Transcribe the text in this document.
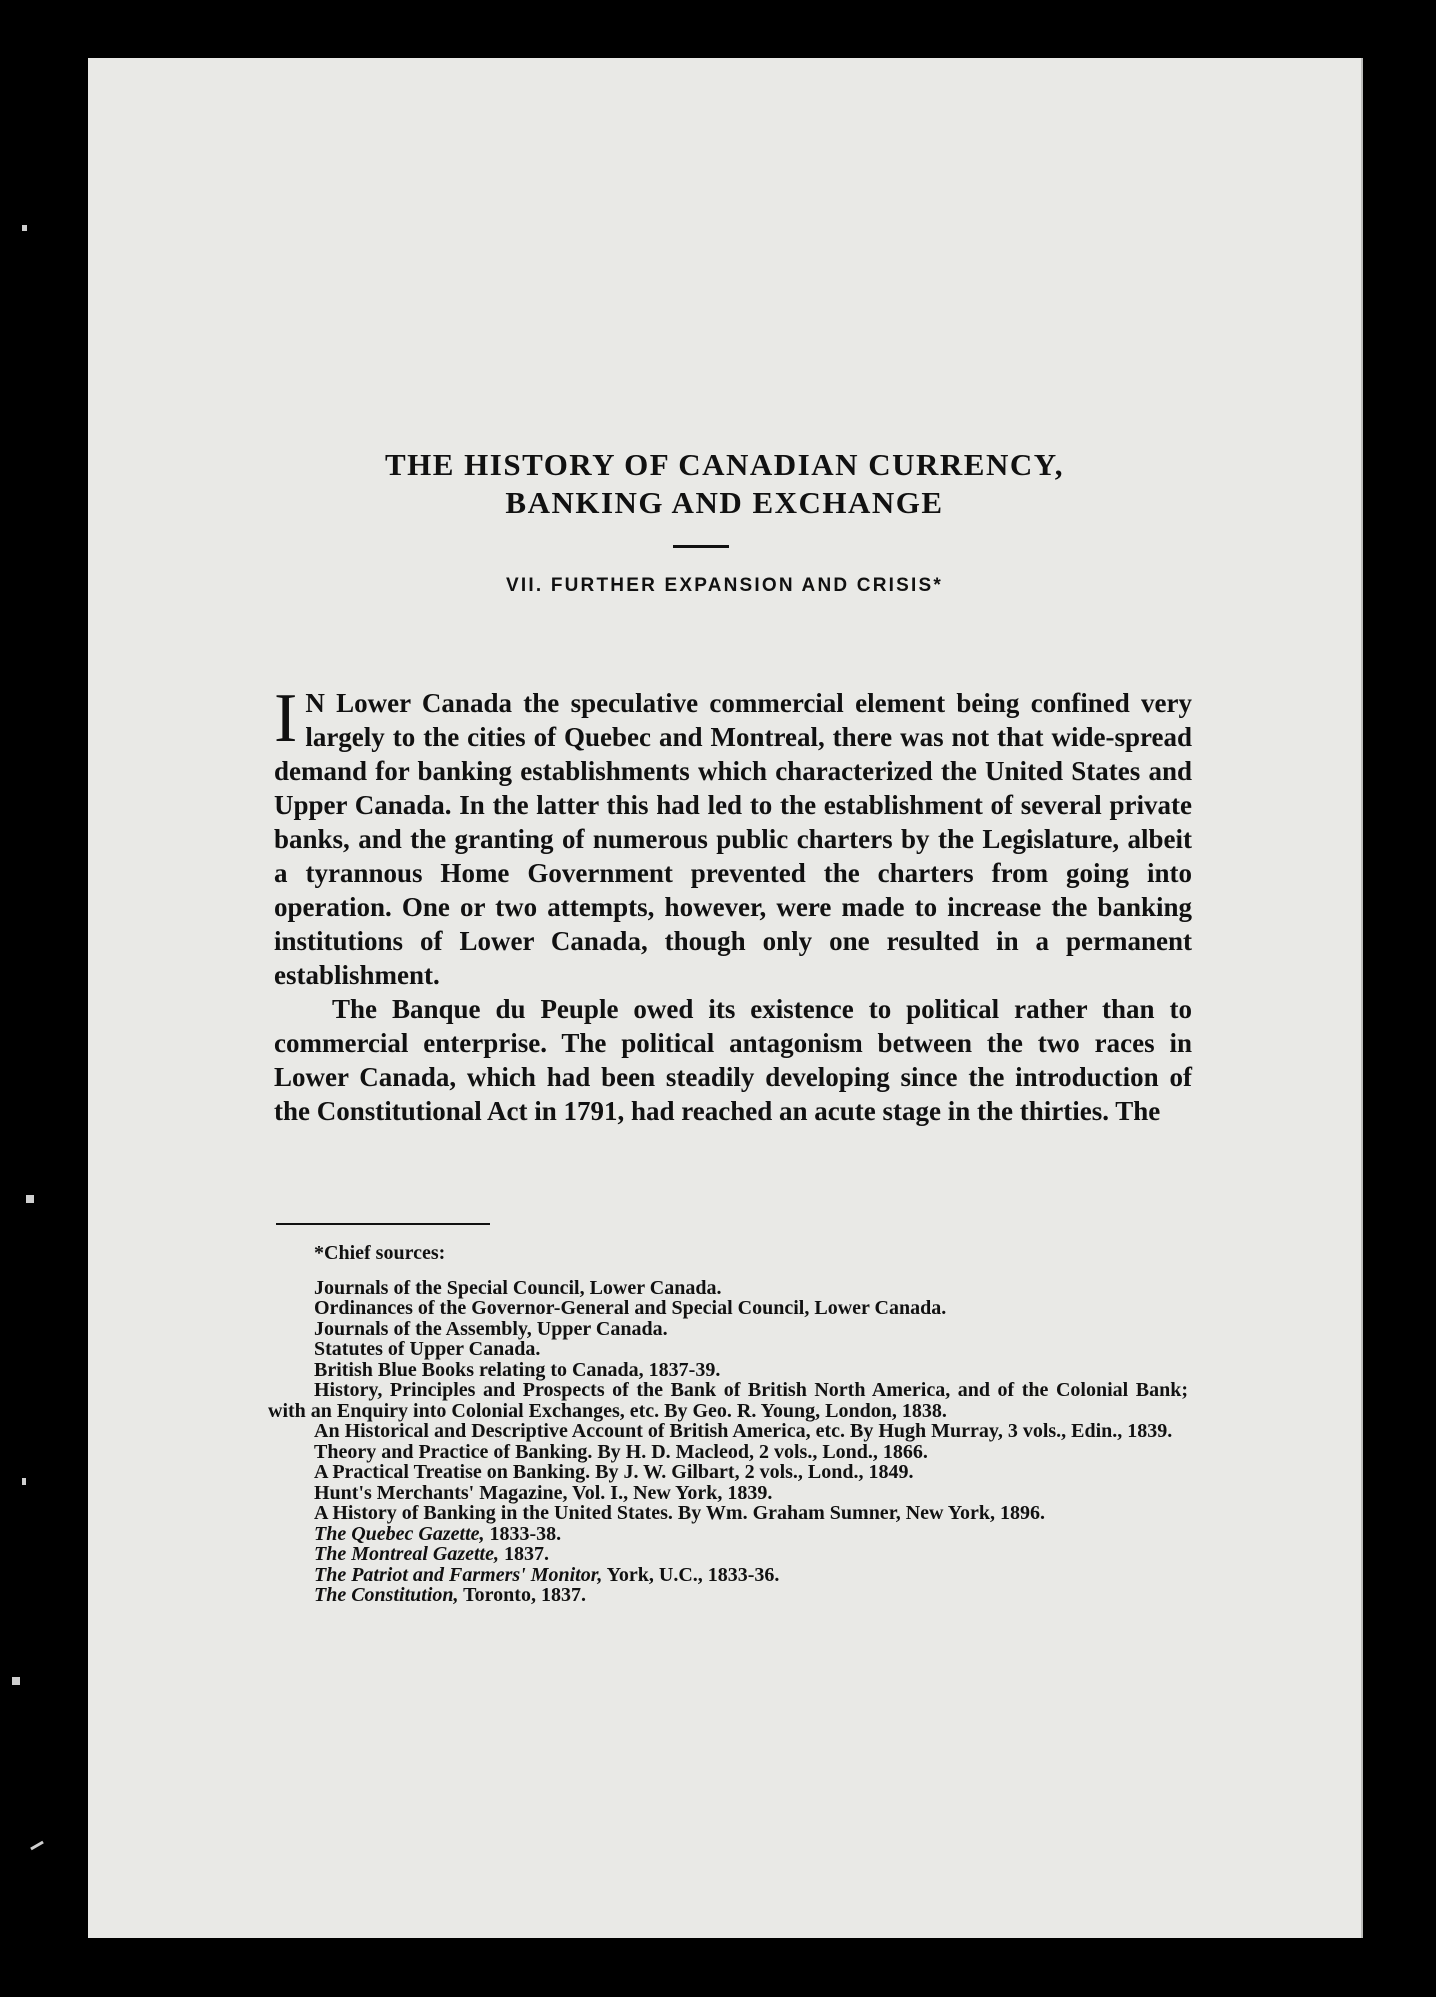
THE HISTORY OF CANADIAN CURRENCY,
BANKING AND EXCHANGE
VII. FURTHER EXPANSION AND CRISIS*

I N Lower Canada the speculative commercial element being confined very largely to the cities of Quebec and Montreal, there was not that wide-spread demand for banking establishments which characterized the United States and Upper Canada. In the latter this had led to the establishment of several private banks, and the granting of numerous public charters by the Legislature, albeit a tyrannous Home Government prevented the charters from going into operation. One or two attempts, however, were made to increase the banking institutions of Lower Canada, though only one resulted in a permanent establishment.

The Banque du Peuple owed its existence to political rather than to commercial enterprise. The political antagonism between the two races in Lower Canada, which had been steadily developing since the introduction of the Constitutional Act in 1791, had reached an acute stage in the thirties. The

*Chief sources:

Journals of the Special Council, Lower Canada.

Ordinances of the Governor-General and Special Council, Lower Canada.

Journals of the Assembly, Upper Canada.

Statutes of Upper Canada.

British Blue Books relating to Canada, 1837-39.

History, Principles and Prospects of the Bank of British North America, and of the Colonial Bank; with an Enquiry into Colonial Exchanges, etc. By Geo. R. Young, London, 1838.

An Historical and Descriptive Account of British America, etc. By Hugh Murray, 3 vols., Edin., 1839.

Theory and Practice of Banking. By H. D. Macleod, 2 vols., Lond., 1866.

A Practical Treatise on Banking. By J. W. Gilbart, 2 vols., Lond., 1849.

Hunt's Merchants' Magazine, Vol. I., New York, 1839.

A History of Banking in the United States. By Wm. Graham Sumner, New York, 1896.

The Quebec Gazette, 1833-38.

The Montreal Gazette, 1837.

The Patriot and Farmers' Monitor, York, U.C., 1833-36.

The Constitution, Toronto, 1837.
